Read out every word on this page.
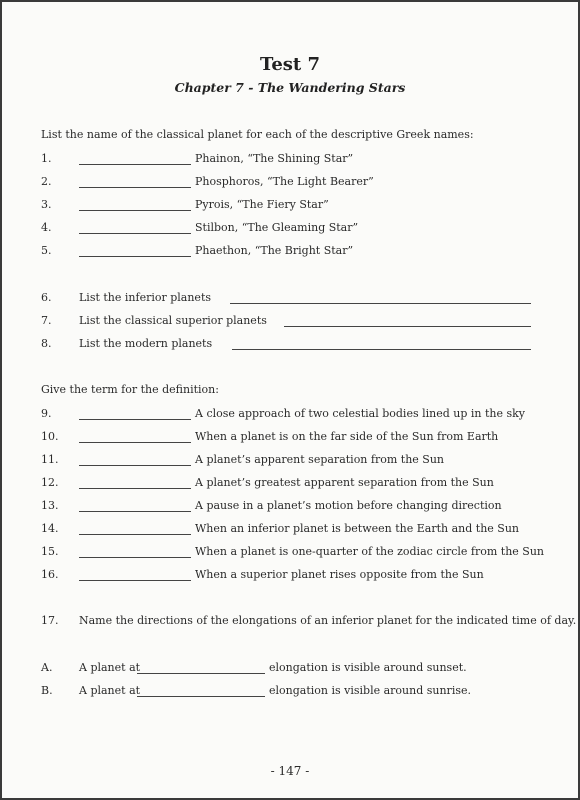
Test 7
Chapter 7 - The Wandering Stars
List the name of the classical planet for each of the descriptive Greek names:
1.	Phainon, “The Shining Star”
2.	Phosphoros, “The Light Bearer”
3.	Pyrois, “The Fiery Star”
4.	Stilbon, “The Gleaming Star”
5.	Phaethon, “The Bright Star”
6.	List the inferior planets
7.	List the classical superior planets
8.	List the modern planets
Give the term for the definition:
9.	A close approach of two celestial bodies lined up in the sky
10.	When a planet is on the far side of the Sun from Earth
11.	A planet’s apparent separation from the Sun
12.	A planet’s greatest apparent separation from the Sun
13.	A pause in a planet’s motion before changing direction
14.	When an inferior planet is between the Earth and the Sun
15.	When a planet is one-quarter of the zodiac circle from the Sun
16.	When a superior planet rises opposite from the Sun
17. Name the directions of the elongations of an inferior planet for the indicated time of day.
A. A planet at	elongation is visible around sunset.
B. A planet at	elongation is visible around sunrise.
- 147 -
